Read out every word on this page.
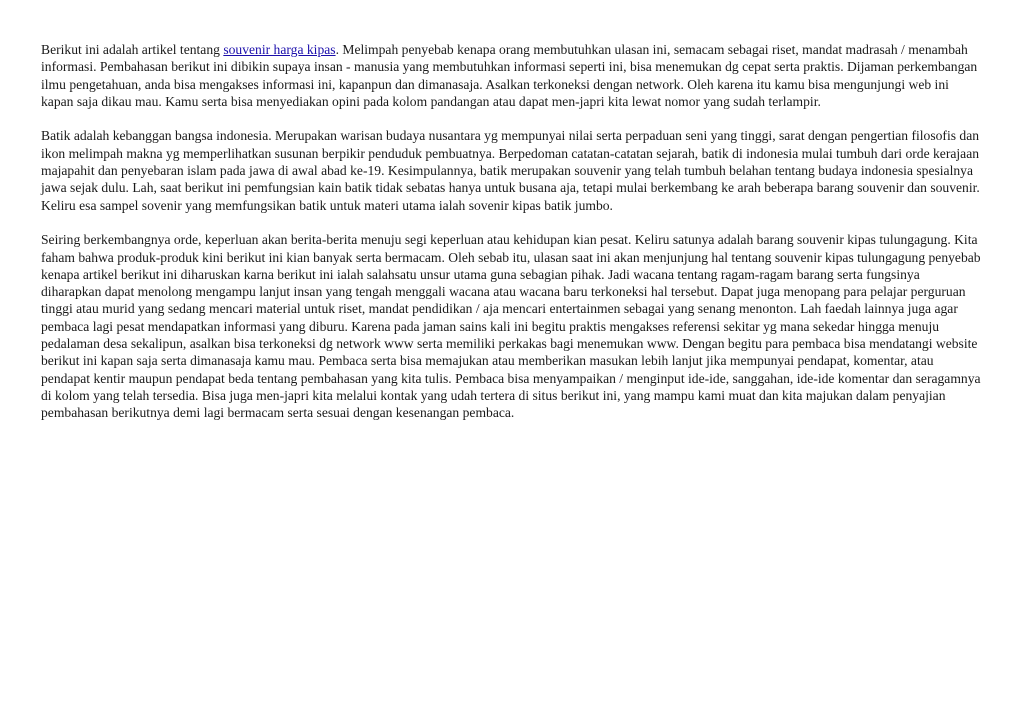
Berikut ini adalah artikel tentang souvenir harga kipas. Melimpah penyebab kenapa orang membutuhkan ulasan ini, semacam sebagai riset, mandat madrasah / menambah informasi. Pembahasan berikut ini dibikin supaya insan - manusia yang membutuhkan informasi seperti ini, bisa menemukan dg cepat serta praktis. Dijaman perkembangan ilmu pengetahuan, anda bisa mengakses informasi ini, kapanpun dan dimanasaja. Asalkan terkoneksi dengan network. Oleh karena itu kamu bisa mengunjungi web ini kapan saja dikau mau. Kamu serta bisa menyediakan opini pada kolom pandangan atau dapat men-japri kita lewat nomor yang sudah terlampir.

Batik adalah kebanggan bangsa indonesia. Merupakan warisan budaya nusantara yg mempunyai nilai serta perpaduan seni yang tinggi, sarat dengan pengertian filosofis dan ikon melimpah makna yg memperlihatkan susunan berpikir penduduk pembuatnya. Berpedoman catatan-catatan sejarah, batik di indonesia mulai tumbuh dari orde kerajaan majapahit dan penyebaran islam pada jawa di awal abad ke-19. Kesimpulannya, batik merupakan souvenir yang telah tumbuh belahan tentang budaya indonesia spesialnya jawa sejak dulu. Lah, saat berikut ini pemfungsian kain batik tidak sebatas hanya untuk busana aja, tetapi mulai berkembang ke arah beberapa barang souvenir dan souvenir. Keliru esa sampel sovenir yang memfungsikan batik untuk materi utama ialah sovenir kipas batik jumbo.

Seiring berkembangnya orde, keperluan akan berita-berita menuju segi keperluan atau kehidupan kian pesat. Keliru satunya adalah barang souvenir kipas tulungagung. Kita faham bahwa produk-produk kini berikut ini kian banyak serta bermacam. Oleh sebab itu, ulasan saat ini akan menjunjung hal tentang souvenir kipas tulungagung penyebab kenapa artikel berikut ini diharuskan karna berikut ini ialah salahsatu unsur utama guna sebagian pihak. Jadi wacana tentang ragam-ragam barang serta fungsinya diharapkan dapat menolong mengampu lanjut insan yang tengah menggali wacana atau wacana baru terkoneksi hal tersebut. Dapat juga menopang para pelajar perguruan tinggi atau murid yang sedang mencari material untuk riset, mandat pendidikan / aja mencari entertainmen sebagai yang senang menonton. Lah faedah lainnya juga agar pembaca lagi pesat mendapatkan informasi yang diburu. Karena pada jaman sains kali ini begitu praktis mengakses referensi sekitar yg mana sekedar hingga menuju pedalaman desa sekalipun, asalkan bisa terkoneksi dg network www serta memiliki perkakas bagi menemukan www. Dengan begitu para pembaca bisa mendatangi website berikut ini kapan saja serta dimanasaja kamu mau. Pembaca serta bisa memajukan atau memberikan masukan lebih lanjut jika mempunyai pendapat, komentar, atau pendapat kentir maupun pendapat beda tentang pembahasan yang kita tulis. Pembaca bisa menyampaikan / menginput ide-ide, sanggahan, ide-ide komentar dan seragamnya di kolom yang telah tersedia. Bisa juga men-japri kita melalui kontak yang udah tertera di situs berikut ini, yang mampu kami muat dan kita majukan dalam penyajian pembahasan berikutnya demi lagi bermacam serta sesuai dengan kesenangan pembaca.
